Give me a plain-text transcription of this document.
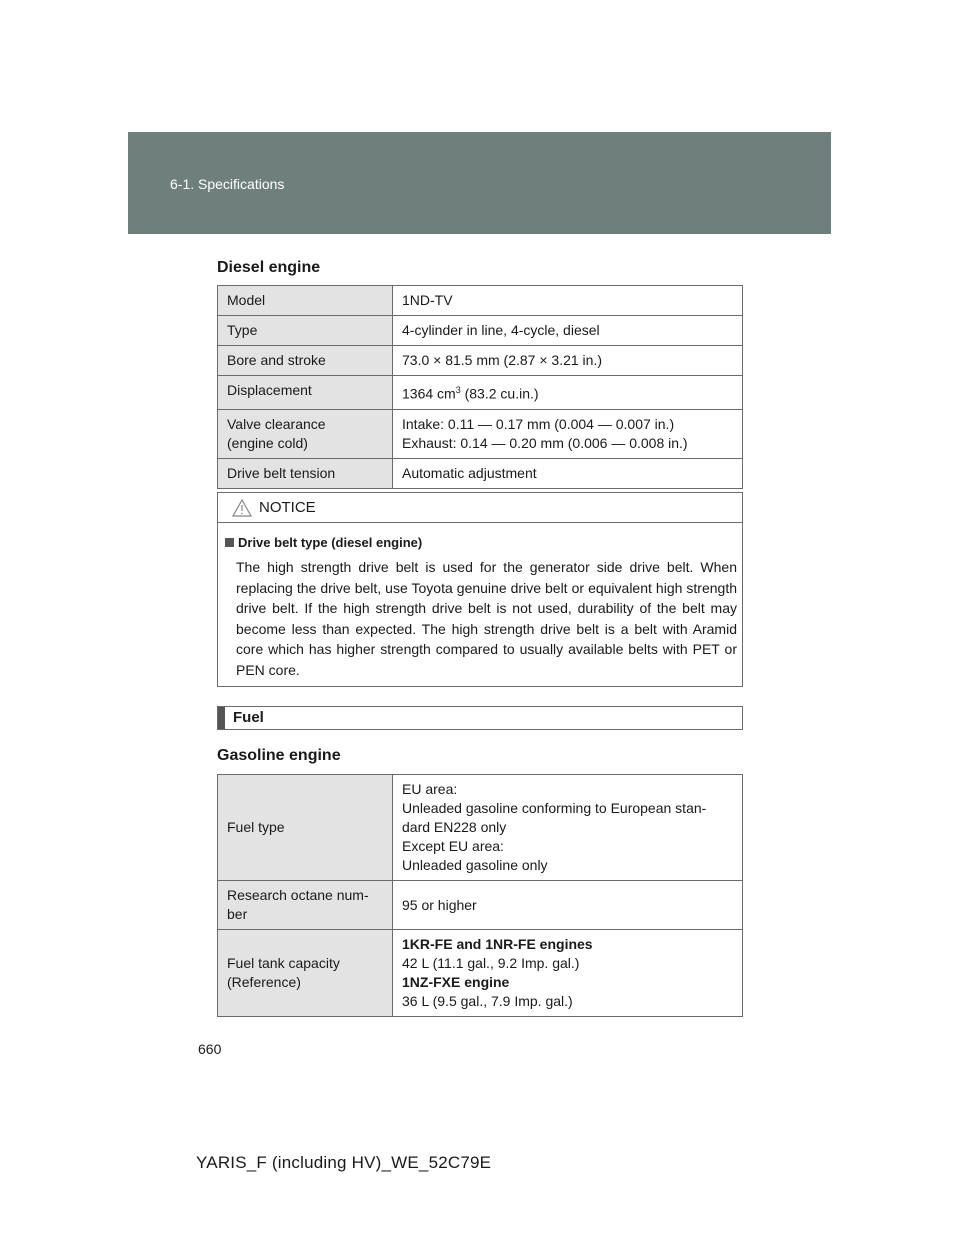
6-1. Specifications
Diesel engine
Model	1ND-TV
Type	4-cylinder in line, 4-cycle, diesel
Bore and stroke	73.0 × 81.5 mm (2.87 × 3.21 in.)
Displacement	1364 $cm^3$ (83.2 cu.in.)

Valve clearance
(engine cold)	Intake: 0.11 — 0.17 mm (0.004 — 0.007 in.)
Exhaust: 0.14 — 0.20 mm (0.006 — 0.008 in.)

Drive belt tension	Automatic adjustment
NOTICE
Drive belt type (diesel engine)
The high strength drive belt is used for the generator side drive belt. When replacing the drive belt, use Toyota genuine drive belt or equivalent high strength drive belt. If the high strength drive belt is not used, durability of the belt may become less than expected. The high strength drive belt is a belt with Aramid core which has higher strength compared to usually available belts with PET or PEN core.
Fuel
Gasoline engine
Fuel type	EU area:
Unleaded gasoline conforming to European stan-
dard EN228 only
Except EU area:
Unleaded gasoline only

Research octane num-
ber	95 or higher

Fuel tank capacity
(Reference)	1KR-FE and 1NR-FE engines
42 L (11.1 gal., 9.2 Imp. gal.)
1NZ-FXE engine
36 L (9.5 gal., 7.9 Imp. gal.)
660
YARIS_F (including HV)_WE_52C79E
